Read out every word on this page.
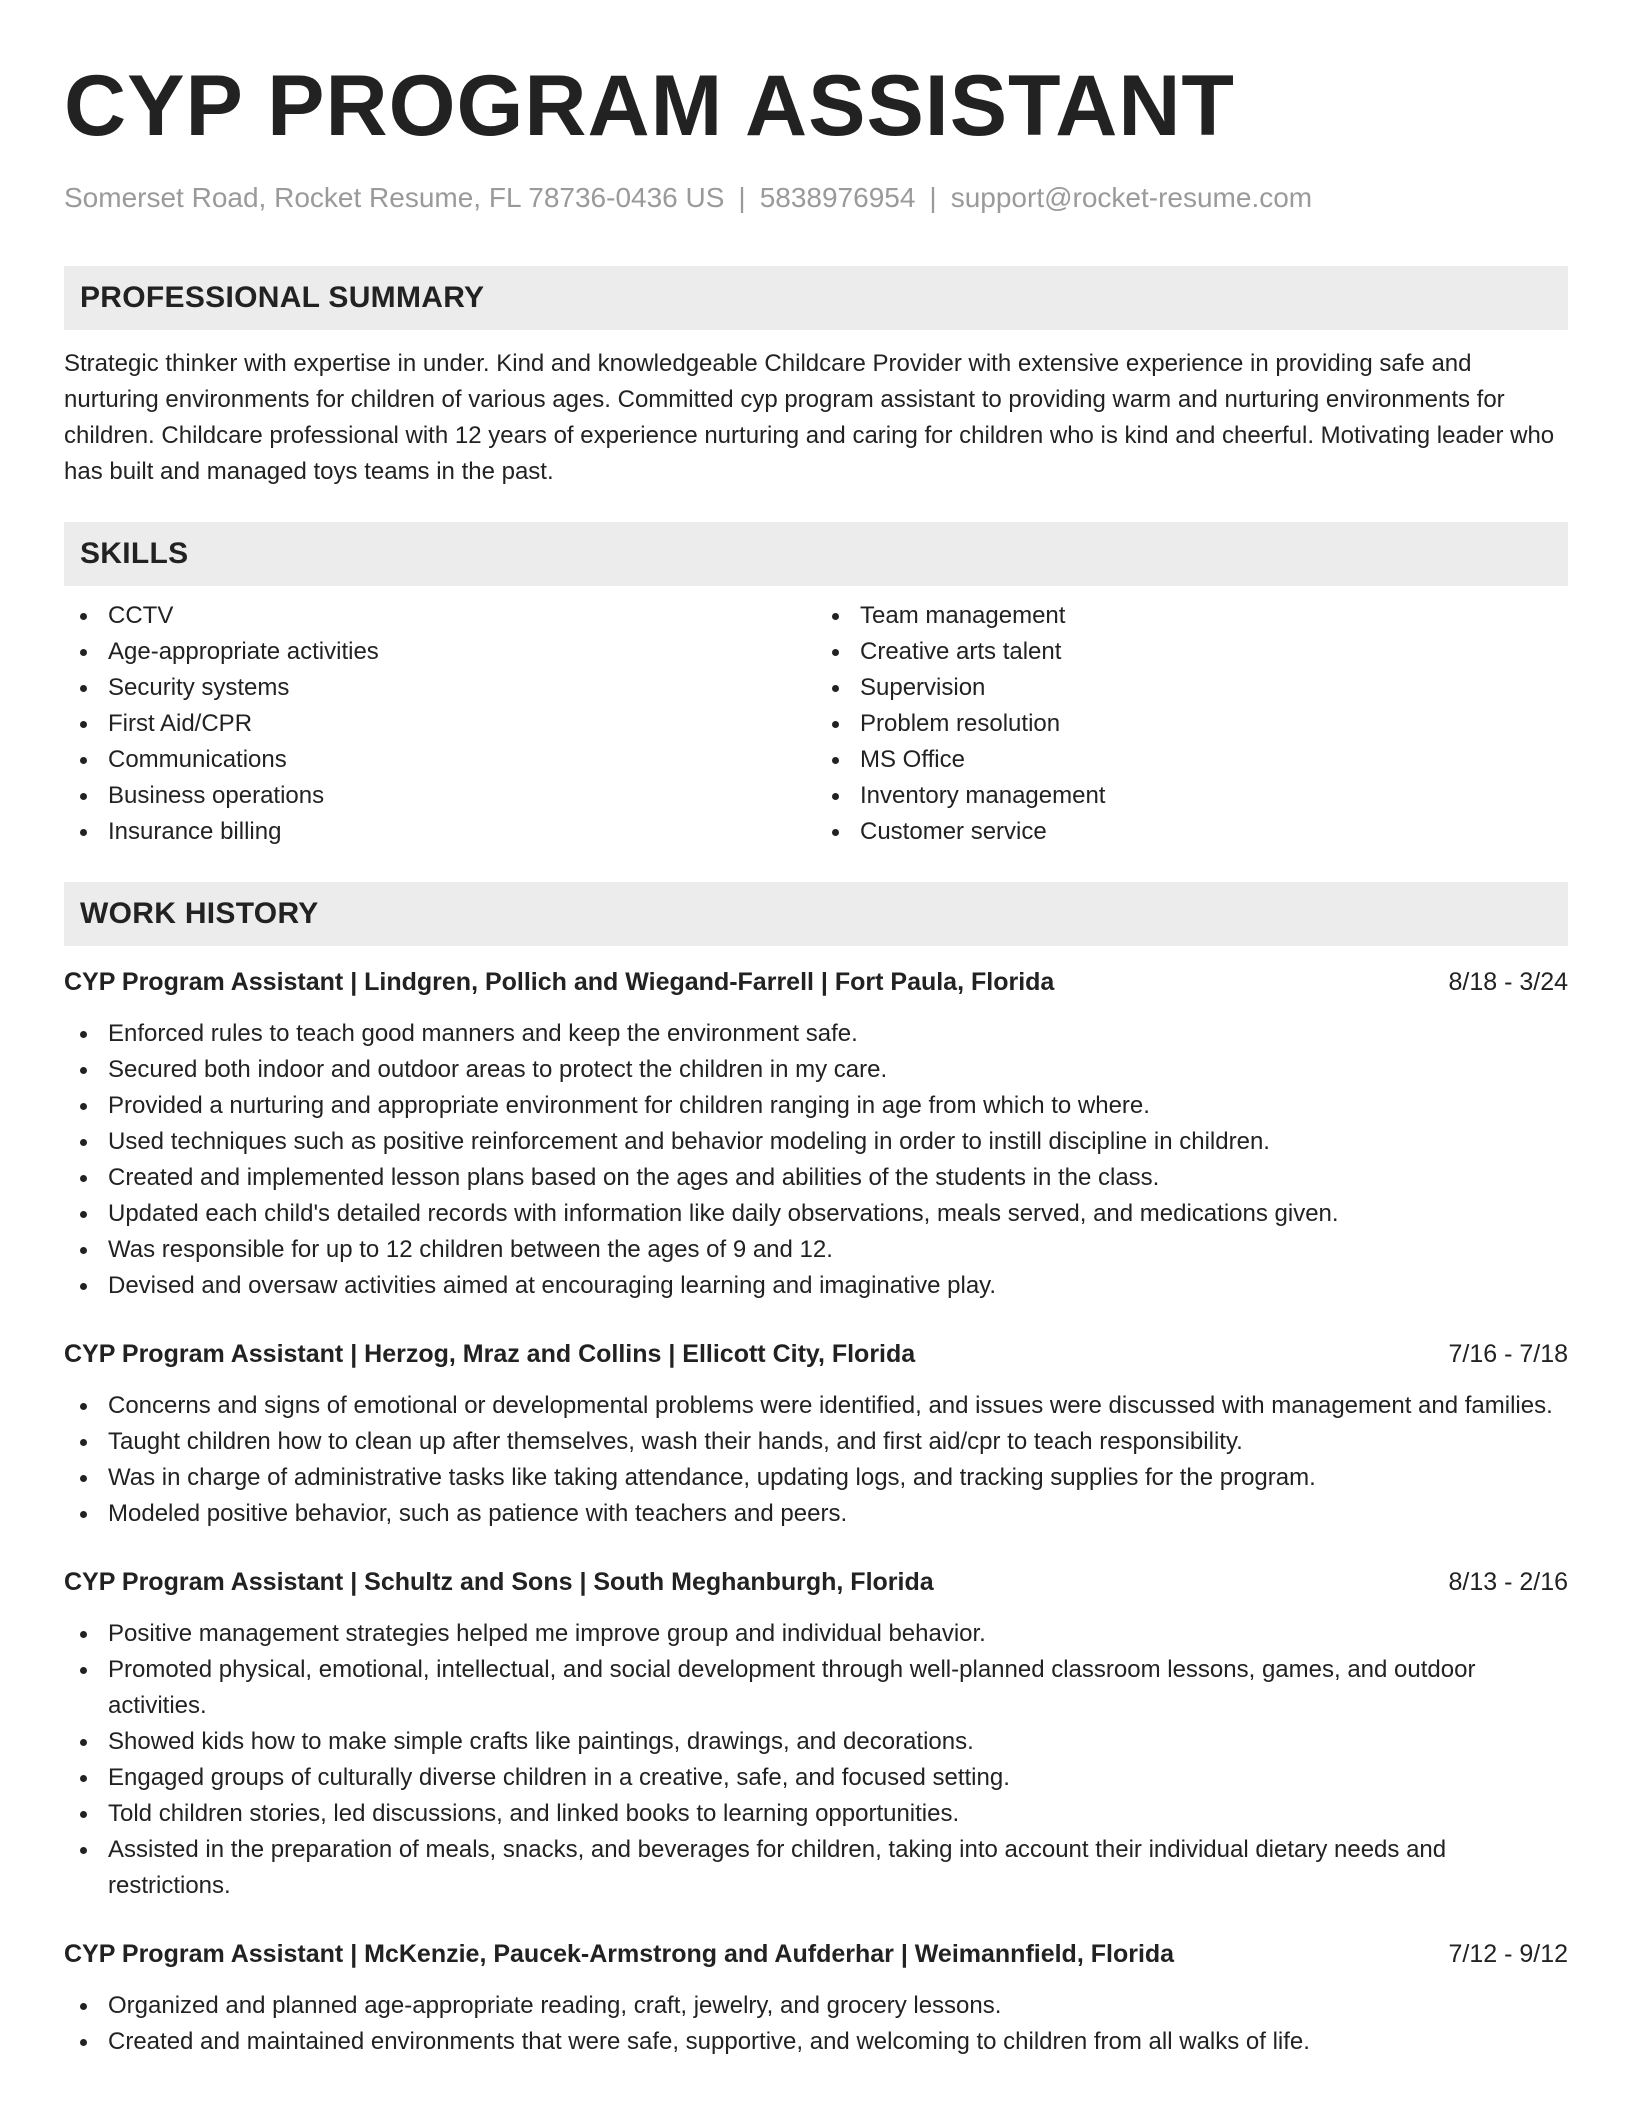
CYP PROGRAM ASSISTANT
Somerset Road, Rocket Resume, FL 78736-0436 US | 5838976954 | support@rocket-resume.com
PROFESSIONAL SUMMARY
Strategic thinker with expertise in under. Kind and knowledgeable Childcare Provider with extensive experience in providing safe and nurturing environments for children of various ages. Committed cyp program assistant to providing warm and nurturing environments for children. Childcare professional with 12 years of experience nurturing and caring for children who is kind and cheerful. Motivating leader who has built and managed toys teams in the past.
SKILLS
CCTV
Age-appropriate activities
Security systems
First Aid/CPR
Communications
Business operations
Insurance billing
Team management
Creative arts talent
Supervision
Problem resolution
MS Office
Inventory management
Customer service
WORK HISTORY
CYP Program Assistant | Lindgren, Pollich and Wiegand-Farrell | Fort Paula, Florida	8/18 - 3/24
Enforced rules to teach good manners and keep the environment safe.
Secured both indoor and outdoor areas to protect the children in my care.
Provided a nurturing and appropriate environment for children ranging in age from which to where.
Used techniques such as positive reinforcement and behavior modeling in order to instill discipline in children.
Created and implemented lesson plans based on the ages and abilities of the students in the class.
Updated each child's detailed records with information like daily observations, meals served, and medications given.
Was responsible for up to 12 children between the ages of 9 and 12.
Devised and oversaw activities aimed at encouraging learning and imaginative play.
CYP Program Assistant | Herzog, Mraz and Collins | Ellicott City, Florida	7/16 - 7/18
Concerns and signs of emotional or developmental problems were identified, and issues were discussed with management and families.
Taught children how to clean up after themselves, wash their hands, and first aid/cpr to teach responsibility.
Was in charge of administrative tasks like taking attendance, updating logs, and tracking supplies for the program.
Modeled positive behavior, such as patience with teachers and peers.
CYP Program Assistant | Schultz and Sons | South Meghanburgh, Florida	8/13 - 2/16
Positive management strategies helped me improve group and individual behavior.
Promoted physical, emotional, intellectual, and social development through well-planned classroom lessons, games, and outdoor activities.
Showed kids how to make simple crafts like paintings, drawings, and decorations.
Engaged groups of culturally diverse children in a creative, safe, and focused setting.
Told children stories, led discussions, and linked books to learning opportunities.
Assisted in the preparation of meals, snacks, and beverages for children, taking into account their individual dietary needs and restrictions.
CYP Program Assistant | McKenzie, Paucek-Armstrong and Aufderhar | Weimannfield, Florida	7/12 - 9/12
Organized and planned age-appropriate reading, craft, jewelry, and grocery lessons.
Created and maintained environments that were safe, supportive, and welcoming to children from all walks of life.
